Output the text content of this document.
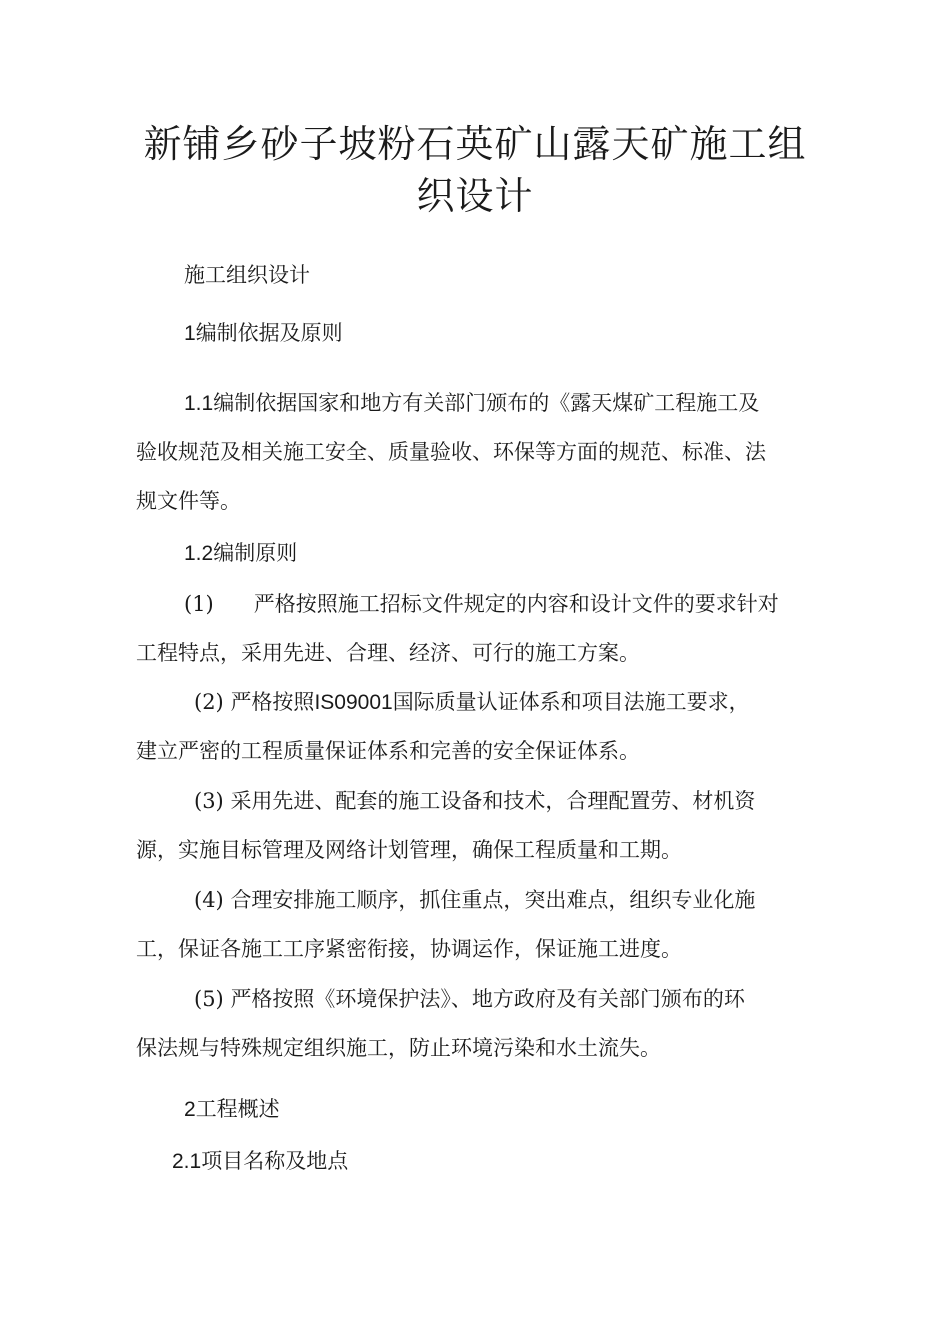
新铺乡砂子坡粉石英矿山露天矿施工组
织设计

施工组织设计

1编制依据及原则

1.1编制依据国家和地方有关部门颁布的《露天煤矿工程施工及

验收规范及相关施工安全、质量验收、环保等方面的规范、标准、法

规文件等。

1.2编制原则

(1) 严格按照施工招标文件规定的内容和设计文件的要求针对

工程特点，采用先进、合理、经济、可行的施工方案。

(2) 严格按照IS09001国际质量认证体系和项目法施工要求，

建立严密的工程质量保证体系和完善的安全保证体系。

(3) 采用先进、配套的施工设备和技术，合理配置劳、材机资

源，实施目标管理及网络计划管理，确保工程质量和工期。

(4) 合理安排施工顺序，抓住重点，突出难点，组织专业化施

工，保证各施工工序紧密衔接，协调运作，保证施工进度。

(5) 严格按照《环境保护法》、地方政府及有关部门颁布的环

保法规与特殊规定组织施工，防止环境污染和水土流失。

2工程概述

2.1项目名称及地点
